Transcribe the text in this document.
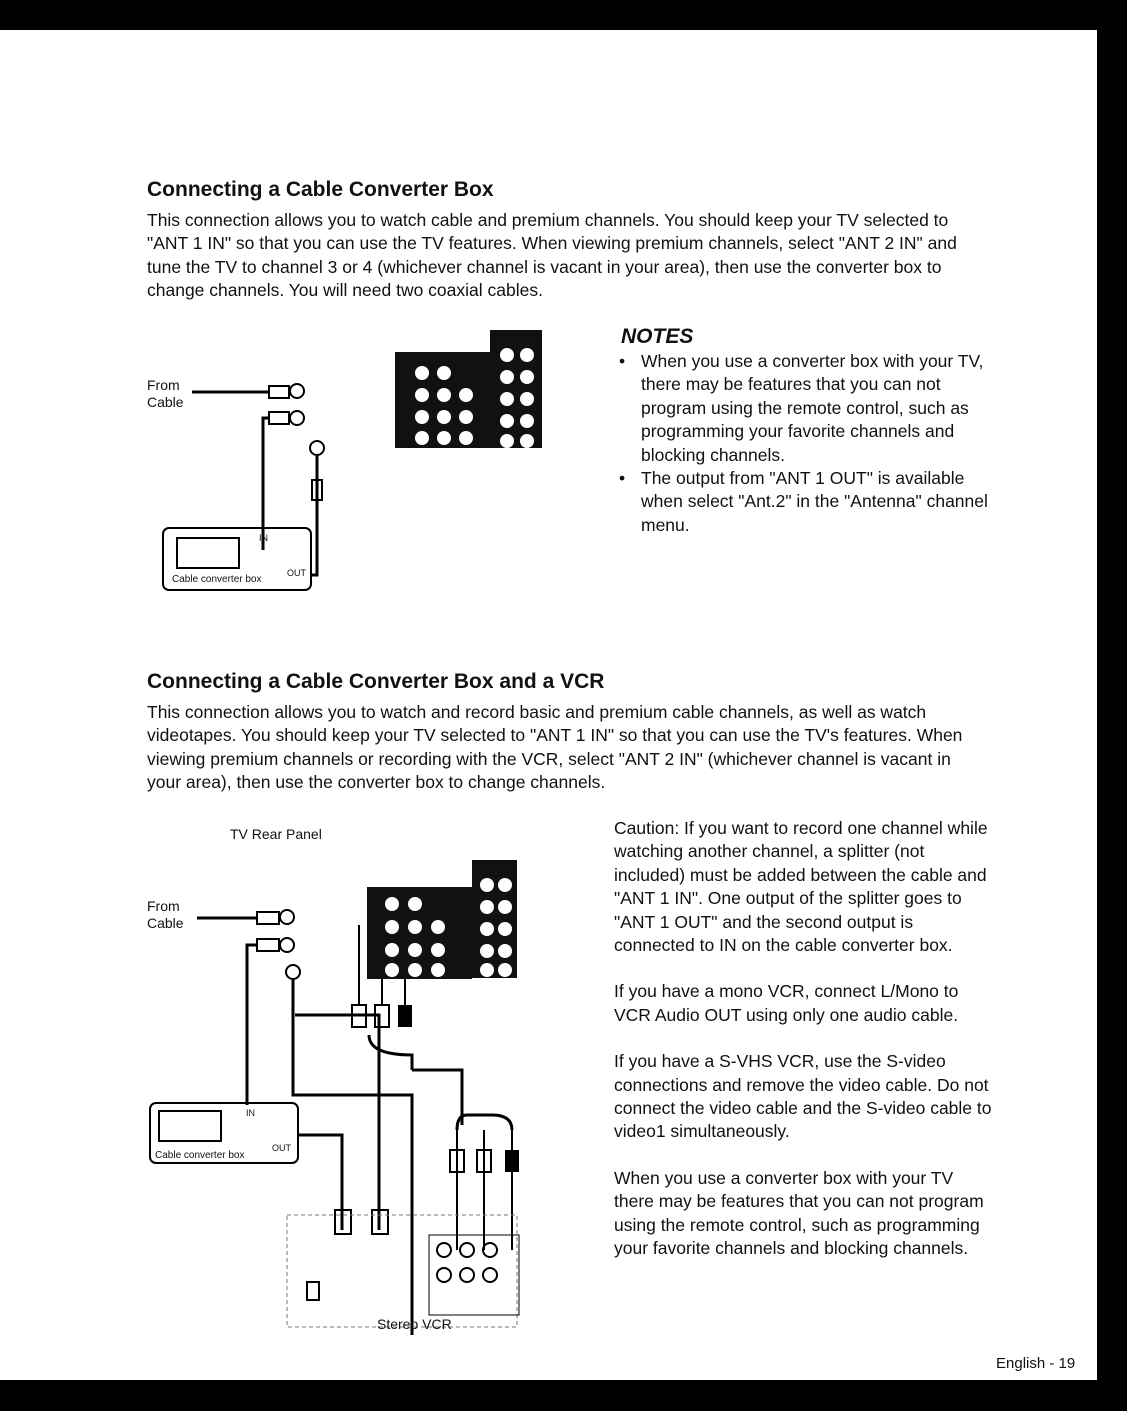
Connecting a Cable Converter Box

This connection allows you to watch cable and premium channels. You should keep your TV selected to "ANT 1 IN" so that you can use the TV features. When viewing premium channels, select "ANT 2 IN" and tune the TV to channel 3 or 4 (whichever channel is vacant in your area), then use the converter box to change channels. You will need two coaxial cables.

From Cable
Cable converter box
IN
OUT
NOTES
• When you use a converter box with your TV, there may be features that you can not program using the remote control, such as programming your favorite channels and blocking channels.
• The output from "ANT 1 OUT" is available when select "Ant.2" in the "Antenna" channel menu.
Connecting a Cable Converter Box and a VCR

This connection allows you to watch and record basic and premium cable channels, as well as watch videotapes. You should keep your TV selected to "ANT 1 IN" so that you can use the TV's features. When viewing premium channels or recording with the VCR, select "ANT 2 IN" (whichever channel is vacant in your area), then use the converter box to change channels.

TV Rear Panel
From Cable
Cable converter box
IN
OUT
Stereo VCR

Caution: If you want to record one channel while watching another channel, a splitter (not included) must be added between the cable and "ANT 1 IN". One output of the splitter goes to "ANT 1 OUT" and the second output is connected to IN on the cable converter box.

If you have a mono VCR, connect L/Mono to VCR Audio OUT using only one audio cable.

If you have a S-VHS VCR, use the S-video connections and remove the video cable. Do not connect the video cable and the S-video cable to video1 simultaneously.

When you use a converter box with your TV there may be features that you can not program using the remote control, such as programming your favorite channels and blocking channels.

English - 19
